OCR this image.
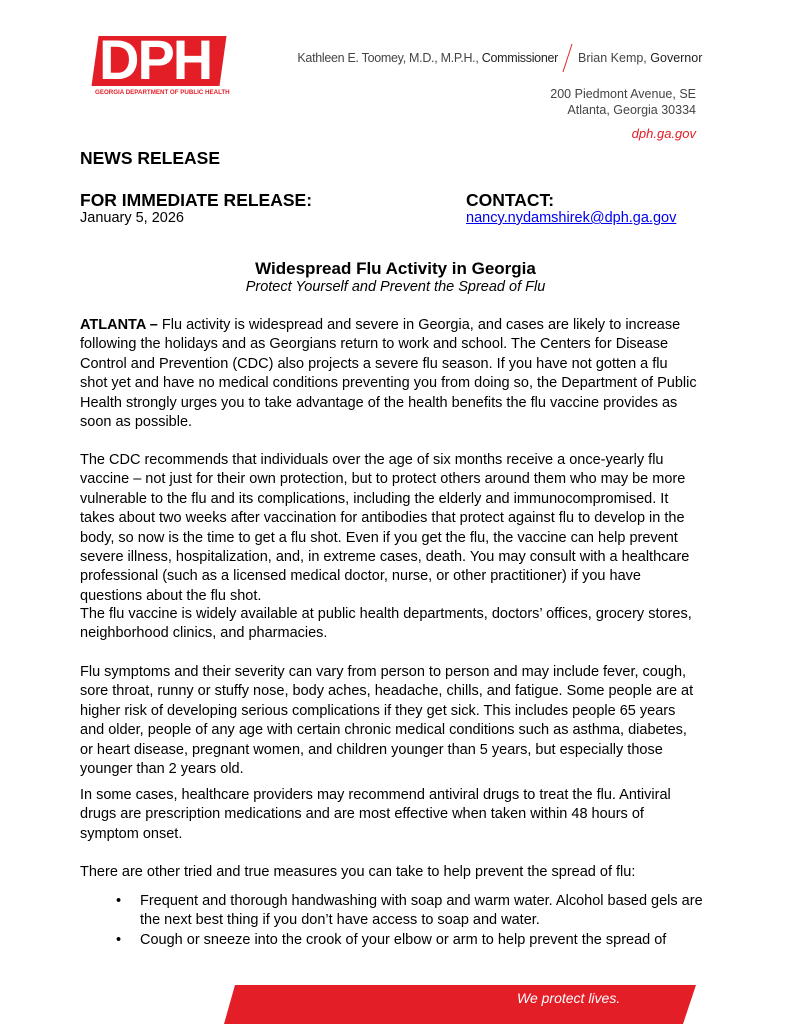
DPH
GEORGIA DEPARTMENT OF PUBLIC HEALTH
Kathleen E. Toomey, M.D., M.P.H., Commissioner Brian Kemp, Governor
200 Piedmont Avenue, SE
Atlanta, Georgia 30334
dph.ga.gov
NEWS RELEASE
FOR IMMEDIATE RELEASE:
January 5, 2026
CONTACT:
nancy.nydamshirek@dph.ga.gov
Widespread Flu Activity in Georgia
Protect Yourself and Prevent the Spread of Flu
ATLANTA – Flu activity is widespread and severe in Georgia, and cases are likely to increase
following the holidays and as Georgians return to work and school. The Centers for Disease
Control and Prevention (CDC) also projects a severe flu season. If you have not gotten a flu
shot yet and have no medical conditions preventing you from doing so, the Department of Public
Health strongly urges you to take advantage of the health benefits the flu vaccine provides as
soon as possible.
The CDC recommends that individuals over the age of six months receive a once-yearly flu
vaccine – not just for their own protection, but to protect others around them who may be more
vulnerable to the flu and its complications, including the elderly and immunocompromised. It
takes about two weeks after vaccination for antibodies that protect against flu to develop in the
body, so now is the time to get a flu shot. Even if you get the flu, the vaccine can help prevent
severe illness, hospitalization, and, in extreme cases, death. You may consult with a healthcare
professional (such as a licensed medical doctor, nurse, or other practitioner) if you have
questions about the flu shot.
The flu vaccine is widely available at public health departments, doctors’ offices, grocery stores,
neighborhood clinics, and pharmacies.
Flu symptoms and their severity can vary from person to person and may include fever, cough,
sore throat, runny or stuffy nose, body aches, headache, chills, and fatigue. Some people are at
higher risk of developing serious complications if they get sick. This includes people 65 years
and older, people of any age with certain chronic medical conditions such as asthma, diabetes,
or heart disease, pregnant women, and children younger than 5 years, but especially those
younger than 2 years old.
In some cases, healthcare providers may recommend antiviral drugs to treat the flu. Antiviral
drugs are prescription medications and are most effective when taken within 48 hours of
symptom onset.
There are other tried and true measures you can take to help prevent the spread of flu:
• Frequent and thorough handwashing with soap and warm water. Alcohol based gels are
the next best thing if you don’t have access to soap and water.
• Cough or sneeze into the crook of your elbow or arm to help prevent the spread of
We protect lives.
